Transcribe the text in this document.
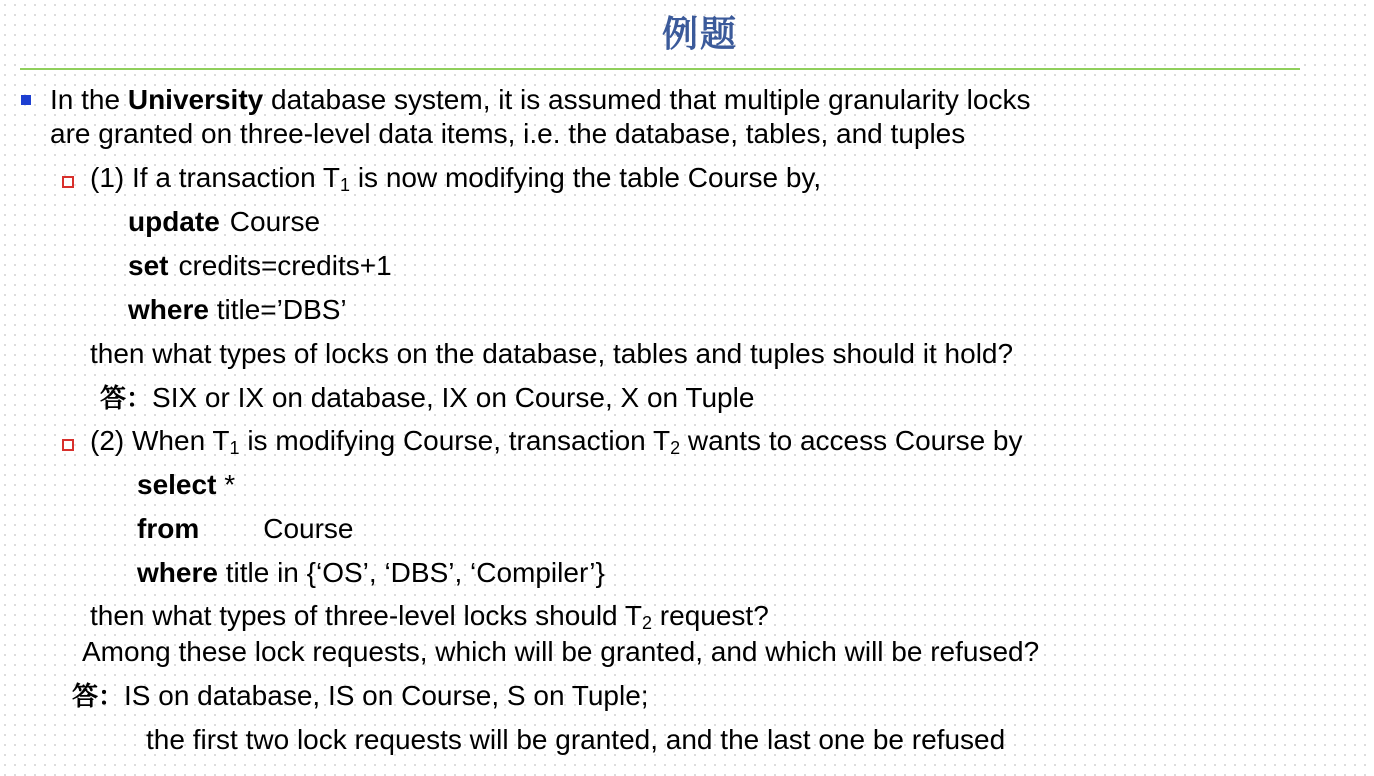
例题
In the University database system, it is assumed that multiple granularity locks
are granted on three-level data items, i.e. the database, tables, and tuples
(1) If a transaction $T_1$ is now modifying the table Course by,
update Course
set credits=credits+1
where title=’DBS’
then what types of locks on the database, tables and tuples should it hold?
答：SIX or IX on database, IX on Course, X on Tuple
(2) When $T_1$ is modifying Course, transaction $T_2$ wants to access Course by
select *
from Course
where title in {‘OS’, ‘DBS’, ‘Compiler’}
then what types of three-level locks should $T_2$ request?
Among these lock requests, which will be granted, and which will be refused?
答：IS on database, IS on Course, S on Tuple;
the first two lock requests will be granted, and the last one be refused
